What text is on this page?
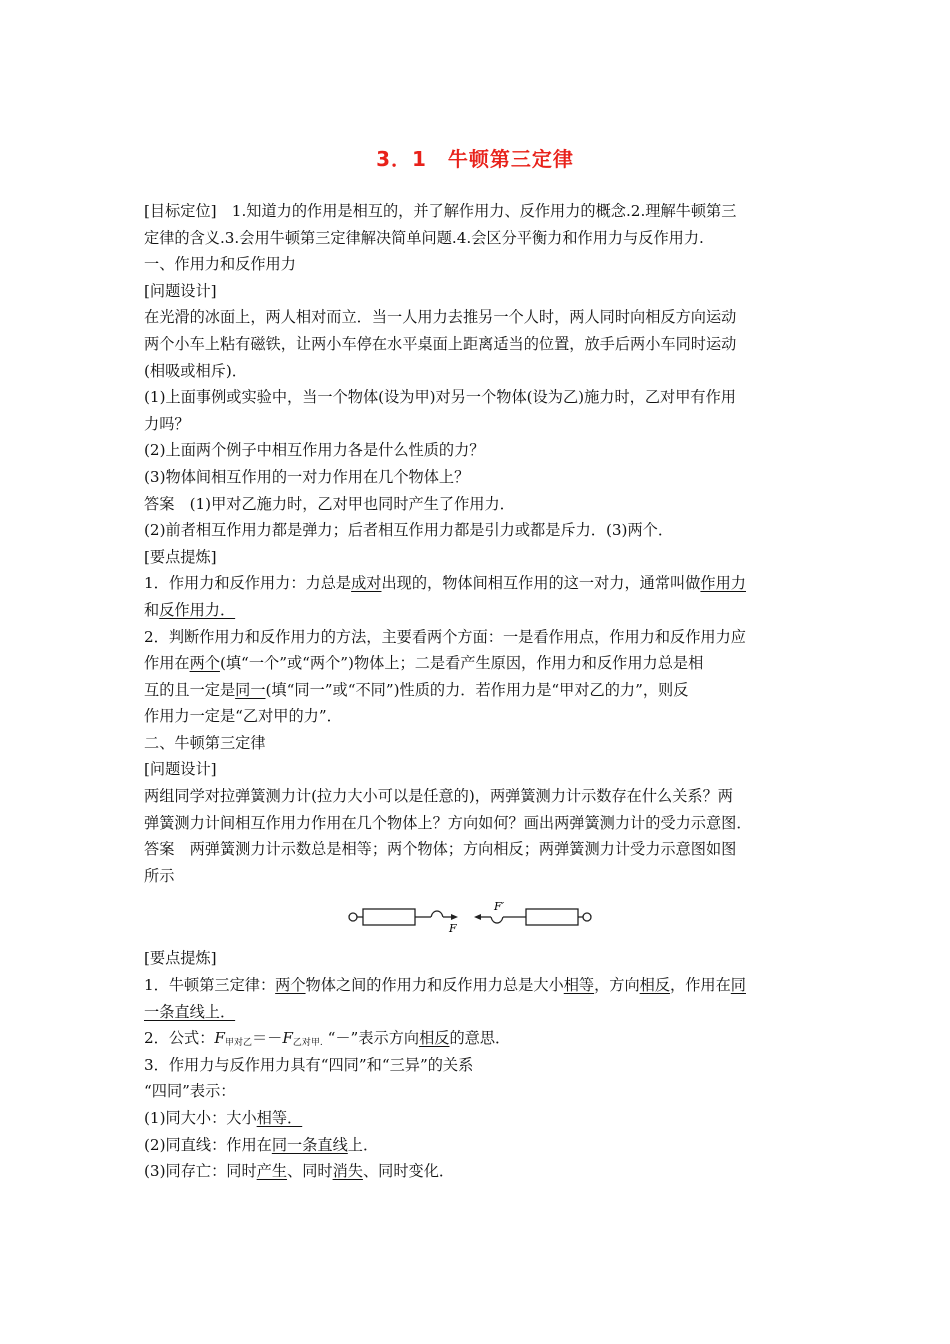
3．1　牛顿第三定律
[目标定位]　1.知道力的作用是相互的，并了解作用力、反作用力的概念.2.理解牛顿第三
定律的含义.3.会用牛顿第三定律解决简单问题.4.会区分平衡力和作用力与反作用力.
一、作用力和反作用力
[问题设计]
在光滑的冰面上，两人相对而立．当一人用力去推另一个人时，两人同时向相反方向运动
两个小车上粘有磁铁，让两小车停在水平桌面上距离适当的位置，放手后两小车同时运动
(相吸或相斥)．
(1)上面事例或实验中，当一个物体(设为甲)对另一个物体(设为乙)施力时，乙对甲有作用
力吗？
(2)上面两个例子中相互作用力各是什么性质的力？
(3)物体间相互作用的一对力作用在几个物体上？
答案　(1)甲对乙施力时，乙对甲也同时产生了作用力．
(2)前者相互作用力都是弹力；后者相互作用力都是引力或都是斥力．(3)两个．
[要点提炼]
1．作用力和反作用力：力总是成对出现的，物体间相互作用的这一对力，通常叫做作用力
和反作用力．
2．判断作用力和反作用力的方法，主要看两个方面：一是看作用点，作用力和反作用力应
作用在两个(填“一个”或“两个”)物体上；二是看产生原因，作用力和反作用力总是相
互的且一定是同一(填“同一”或“不同”)性质的力．若作用力是“甲对乙的力”，则反
作用力一定是“乙对甲的力”．
二、牛顿第三定律
[问题设计]
两组同学对拉弹簧测力计(拉力大小可以是任意的)，两弹簧测力计示数存在什么关系？两
弹簧测力计间相互作用力作用在几个物体上？方向如何？画出两弹簧测力计的受力示意图．
答案　两弹簧测力计示数总是相等；两个物体；方向相反；两弹簧测力计受力示意图如图
所示
F
F′
[要点提炼]
1．牛顿第三定律：两个物体之间的作用力和反作用力总是大小相等，方向相反，作用在同
一条直线上．
2．公式：$F_{甲对乙}=-F_{乙对甲.}$ “－”表示方向相反的意思．
3．作用力与反作用力具有“四同”和“三异”的关系
“四同”表示：
(1)同大小：大小相等．
(2)同直线：作用在同一条直线上．
(3)同存亡：同时产生、同时消失、同时变化．
